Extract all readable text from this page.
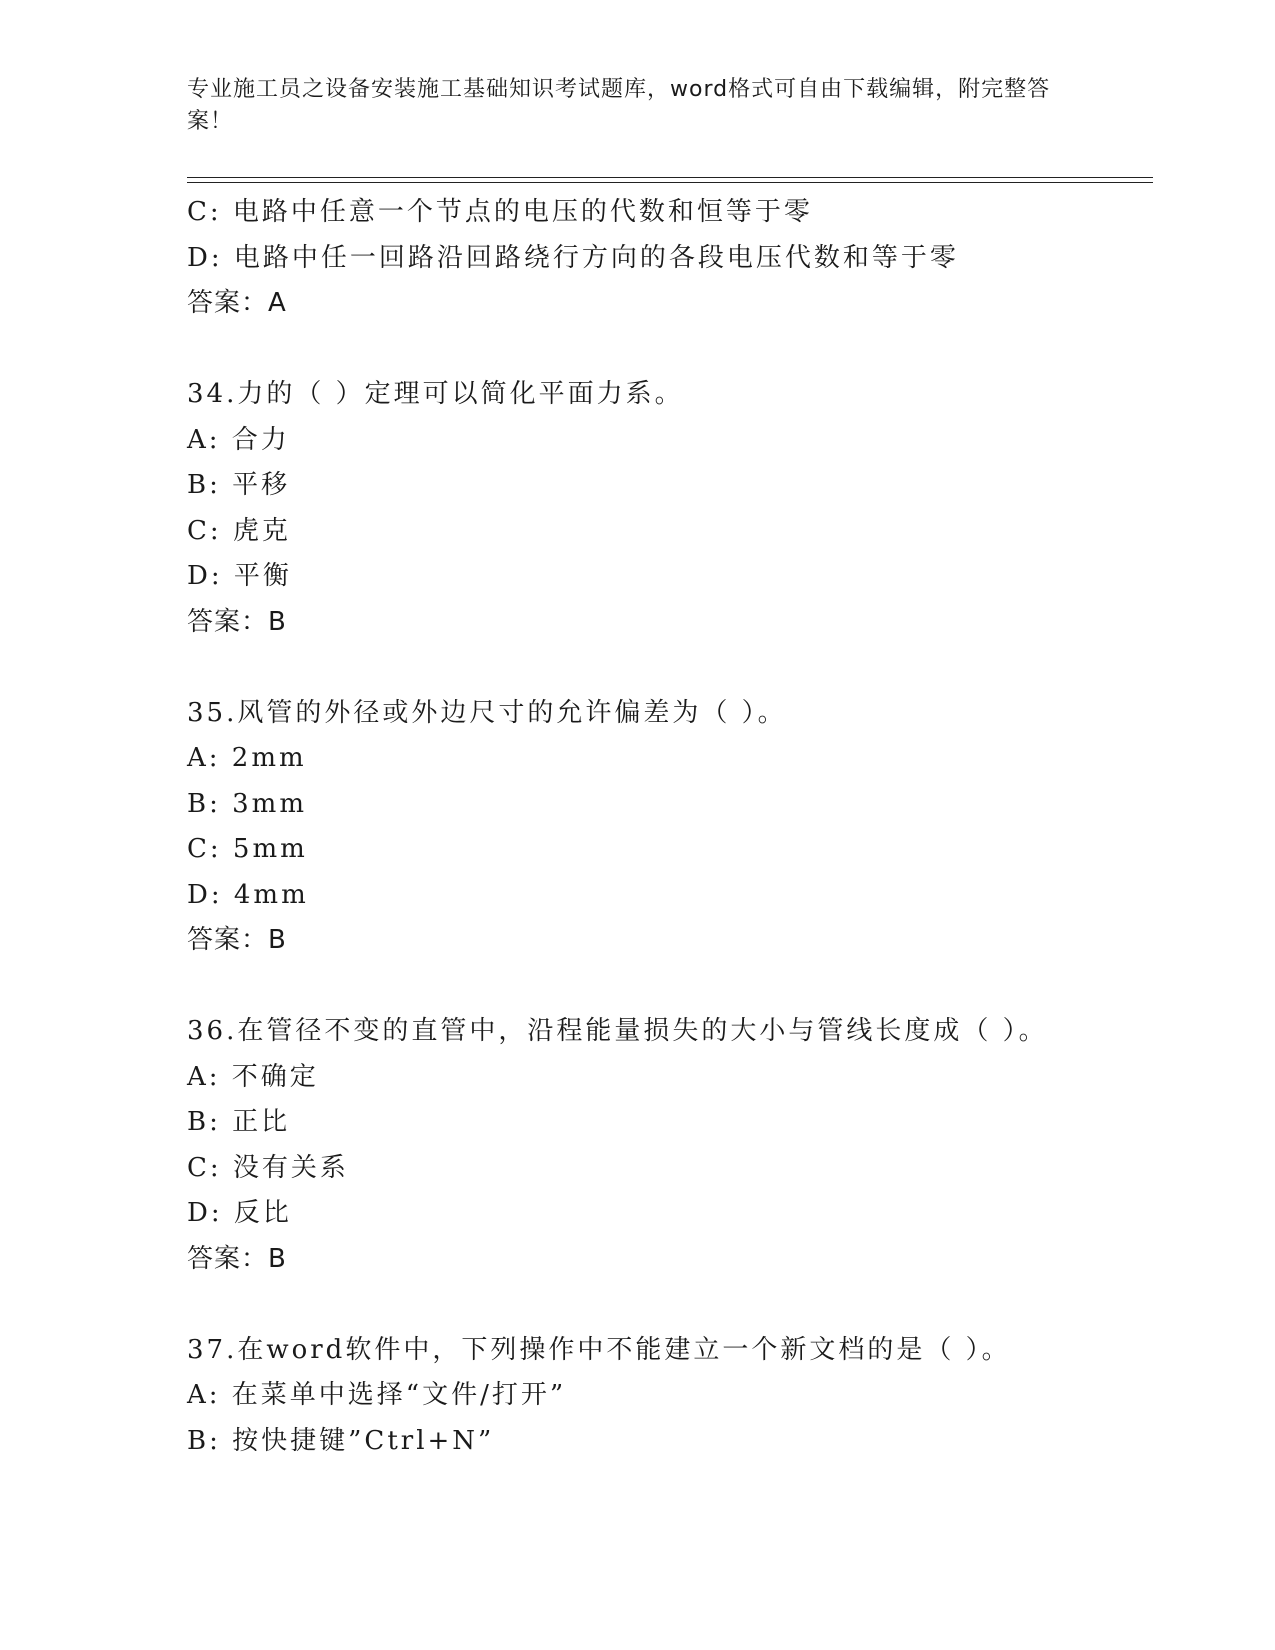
专业施工员之设备安装施工基础知识考试题库，word格式可自由下载编辑，附完整答案！
C: 电路中任意一个节点的电压的代数和恒等于零
D: 电路中任一回路沿回路绕行方向的各段电压代数和等于零
答案：A
34.力的（ ）定理可以简化平面力系。
A: 合力
B: 平移
C: 虎克
D: 平衡
答案：B
35.风管的外径或外边尺寸的允许偏差为（ ）。
A: 2mm
B: 3mm
C: 5mm
D: 4mm
答案：B
36.在管径不变的直管中，沿程能量损失的大小与管线长度成（ ）。
A: 不确定
B: 正比
C: 没有关系
D: 反比
答案：B
37.在word软件中，下列操作中不能建立一个新文档的是（ ）。
A: 在菜单中选择“文件/打开”
B: 按快捷键”Ctrl+N”
